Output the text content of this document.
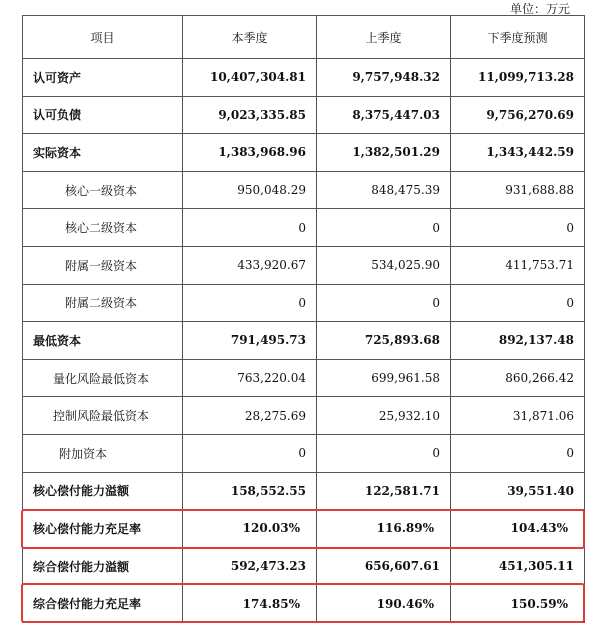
单位：万元
项目	本季度	上季度	下季度预测
认可资产	10,407,304.81	9,757,948.32	11,099,713.28
认可负债	9,023,335.85	8,375,447.03	9,756,270.69
实际资本	1,383,968.96	1,382,501.29	1,343,442.59
核心一级资本	950,048.29	848,475.39	931,688.88
核心二级资本	0	0	0
附属一级资本	433,920.67	534,025.90	411,753.71
附属二级资本	0	0	0
最低资本	791,495.73	725,893.68	892,137.48
量化风险最低资本	763,220.04	699,961.58	860,266.42
控制风险最低资本	28,275.69	25,932.10	31,871.06
附加资本	0	0	0
核心偿付能力溢额	158,552.55	122,581.71	39,551.40
核心偿付能力充足率	120.03%	116.89%	104.43%
综合偿付能力溢额	592,473.23	656,607.61	451,305.11
综合偿付能力充足率	174.85%	190.46%	150.59%
